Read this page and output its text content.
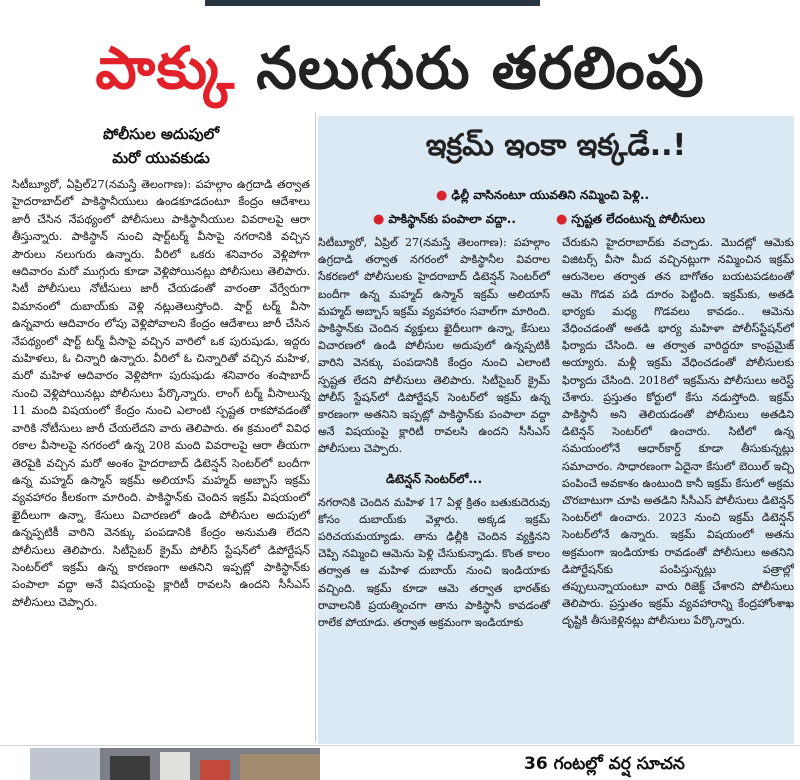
పాక్కు నలుగురు తరలింపు
పోలీసుల అదుపులో
మరో యువకుడు
సిటీబ్యూరో, ఏప్రిల్27(నమస్తే తెలంగాణ): పహల్గాం ఉగ్రదాడి తర్వాత హైదరాబాద్‌లో పాకిస్థానీయులు ఉండకూడదంటూ కేంద్రం ఆదేశాలు జారీ చేసిన నేపథ్యంలో పోలీసులు పాకిస్థానీయుల వివరాలపై ఆరా తీస్తున్నారు. పాకిస్థాన్ నుంచి షార్ట్‌టర్మ్ వీసాపై నగరానికి వచ్చిన పౌరులు నలుగురు ఉన్నారు. వీరిలో ఒకరు శనివారం వెళ్లిపోగా ఆదివారం మరో ముగ్గురు కూడా వెళ్లిపోయినట్లు పోలీసులు తెలిపారు. సిటీ పోలీసులు నోటీసులు జారీ చేయడంతో వారంతా వేర్వేరుగా విమానంలో దుబాయ్‌కు వెళ్లి నట్లుతెలుస్తోంది. షార్ట్ టర్మ్ వీసా ఉన్నవారు ఆదివారం లోపు వెళ్లిపోవాలని కేంద్రం ఆదేశాలు జారీ చేసిన నేపథ్యంలో షార్ట్ టర్మ్ వీసాపై వచ్చిన వారిలో ఒక పురుషుడు, ఇద్దరు మహిళలు, ఓ చిన్నారి ఉన్నారు. వీరిలో ఓ చిన్నారితో వచ్చిన మహిళ, మరో మహిళ ఆదివారం వెళ్లిపోగా పురుషుడు శనివారం శంషాబాద్ నుంచి వెళ్లిపోయినట్లు పోలీసులు పేర్కొన్నారు. లాంగ్ టర్మ్ వీసాలున్న 11 మంది విషయంలో కేంద్రం నుంచి ఎలాంటి స్పష్టత రాకపోవడంతో వారికి నోటీసులు జారీ చేయలేదని వారు తెలిపారు. ఈ క్రమంలో వివిధ రకాల వీసాలపై నగరంలో ఉన్న 208 మంది వివరాలపై ఆరా తీయగా తెరపైకి వచ్చిన మరో అంశం హైదరాబాద్ డిటెన్షన్ సెంటర్‌లో బందీగా ఉన్న మహ్మద్ ఉస్మాన్ ఇక్రమ్ అలియాస్ మహ్మద్ అబ్బాస్ ఇక్రమ్ వ్యవహారం కీలకంగా మారింది. పాకిస్థాన్‌కు చెందిన ఇక్రమ్ విషయంలో ఖైదీలుగా ఉన్నా, కేసులు విచారణలో ఉండి పోలీసుల అదుపులో ఉన్నప్పటికీ వారిని వెనక్కు పంపడానికి కేంద్రం అనుమతి లేదని పోలీసులు తెలిపారు. సిటీసైబర్ క్రైమ్ పోలీస్ స్టేషన్‌లో డిపోర్టేషన్ సెంటర్‌లో ఇక్రమ్ ఉన్న కారణంగా అతనిని ఇప్పట్లో పాకిస్థాన్‌కు పంపాలా వద్దా అనే విషయంపై క్లారిటీ రావలసి ఉందని సీసీఎస్ పోలీసులు చెప్పారు.
ఇక్రమ్ ఇంకా ఇక్కడే..!
● ఢిల్లీ వాసినంటూ యువతిని నమ్మించి పెళ్లి..
● పాకిస్థాన్‌కు పంపాలా వద్దా..	● స్పష్టత లేదంటున్న పోలీసులు
సిటీబ్యూరో, ఏప్రిల్ 27(నమస్తే తెలంగాణ): పహల్గాం ఉగ్రదాడి తర్వాత నగరంలో పాకిస్థానీల వివరాల సేకరణలో పోలీసులకు హైదరాబాద్ డిటెన్షన్ సెంటర్‌లో బందీగా ఉన్న మహ్మద్ ఉస్మాన్ ఇక్రమ్ అలియాస్ మహ్మద్ అబ్బాస్ ఇక్రమ్ వ్యవహారం సవాల్‌గా మారింది. పాకిస్థాన్‌కు చెందిన వ్యక్తులు ఖైదీలుగా ఉన్నా, కేసులు విచారణలో ఉండి పోలీసుల అదుపులో ఉన్నప్పటికీ వారిని వెనక్కు పంపడానికి కేంద్రం నుంచి ఎలాంటి స్పష్టత లేదని పోలీసులు తెలిపారు. సిటీసైబర్ క్రైమ్ పోలీస్ స్టేషన్‌లో డిపోర్టేషన్ సెంటర్‌లో ఇక్రమ్ ఉన్న కారణంగా అతనిని ఇప్పట్లో పాకిస్థాన్‌కు పంపాలా వద్దా అనే విషయంపై క్లారిటీ రావలసి ఉందని సీసీఎస్ పోలీసులు చెప్పారు.
డిటెన్షన్ సెంటర్‌లో...
నగరానికి చెందిన మహిళ 17 ఏళ్ల క్రితం బతుకుదెరువు కోసం దుబాయ్‌కు వెళ్లారు. అక్కడ ఇక్రమ్ పరిచయమయ్యాడు. తాను ఢిల్లీకి చెందిన వ్యక్తినని చెప్పి నమ్మించి ఆమెను పెళ్లి చేసుకున్నాడు. కొంత కాలం తర్వాత ఆ మహిళ దుబాయ్ నుంచి ఇండియాకు వచ్చింది. ఇక్రమ్ కూడా ఆమె తర్వాత భారత్‌కు రావాలనికి ప్రయత్నించగా తాను పాకిస్థానీ కావడంతో రాలేక పోయాడు. తర్వాత అక్రమంగా ఇండియాకు
చేరుకుని హైదరాబాద్‌కు వచ్చాడు. మొదట్లో ఆమెకు విజిటర్స్ వీసా మీద వచ్చినట్లుగా నమ్మించిన ఇక్రమ్ ఆరునెలల తర్వాత తన బాగోతం బయటపడటంతో ఆమె గొడవ పడి దూరం పెట్టింది. ఇక్రమ్‌కు, అతడి భార్యకు మధ్య గొడవలు కావడం.. ఆమెను వేధించడంతో అతడి భార్య మహిళా పోలీస్‌స్టేషన్‌లో ఫిర్యాదు చేసింది. ఆ తర్వాత వారిద్దరూ కాంప్రమైజ్ అయ్యారు. మళ్లీ ఇక్రమ్ వేధించడంతో పోలీసులకు ఫిర్యాదు చేసింది. 2018లో ఇక్రమ్‌ను పోలీసులు అరెస్ట్ చేశారు. ప్రస్తుతం కోర్టులో కేసు నడుస్తోంది. ఇక్రమ్ పాకిస్థానీ అని తెలియడంతో పోలీసులు అతడిని డిటెన్షన్ సెంటర్‌లో ఉంచారు. సిటీలో ఉన్న సమయంలోనే ఆధార్‌కార్డ్ కూడా తీసుకున్నట్లు సమాచారం. సాధారణంగా ఏదైనా కేసులో బెయిల్ ఇచ్చి పంపించే అవకాశం ఉంటుంది కానీ ఇక్రమ్ కేసులో అక్రమ చొరబాటుగా చూపి అతడిని సీసీఎస్ పోలీసులు డిటెన్షన్ సెంటర్‌లో ఉంచారు. 2023 నుంచి ఇక్రమ్ డిటెన్షన్ సెంటర్‌లోనే ఉన్నారు. ఇక్రమ్ విషయంలో అతను అక్రమంగా ఇండియాకు రావడంతో పోలీసులు అతనిని డిపోర్టేషన్‌కు పంపిస్తున్నట్లు పత్రాల్లో తప్పులున్నాయంటూ వారు రిజెక్ట్ చేశారని పోలీసులు తెలిపారు. ప్రస్తుతం ఇక్రమ్ వ్యవహారాన్ని కేంద్రహోంశాఖ దృష్టికి తీసుకెళ్లినట్లు పోలీసులు పేర్కొన్నారు.
36 గంటల్లో వర్ష సూచన
